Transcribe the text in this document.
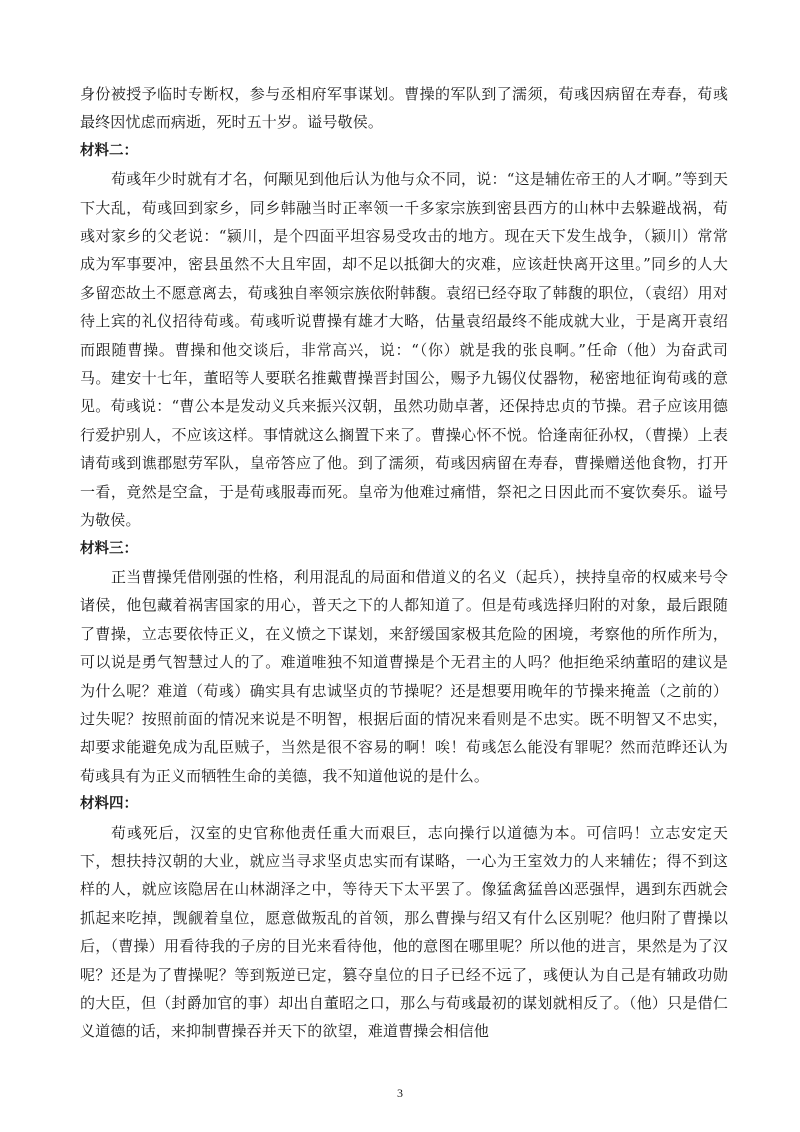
身份被授予临时专断权，参与丞相府军事谋划。曹操的军队到了濡须，荀彧因病留在寿春，荀彧最终因忧虑而病逝，死时五十岁。谥号敬侯。

材料二：

荀彧年少时就有才名，何颙见到他后认为他与众不同，说：“这是辅佐帝王的人才啊。”等到天下大乱，荀彧回到家乡，同乡韩融当时正率领一千多家宗族到密县西方的山林中去躲避战祸，荀彧对家乡的父老说：“颍川，是个四面平坦容易受攻击的地方。现在天下发生战争，（颍川）常常成为军事要冲，密县虽然不大且牢固，却不足以抵御大的灾难，应该赶快离开这里。”同乡的人大多留恋故土不愿意离去，荀彧独自率领宗族依附韩馥。袁绍已经夺取了韩馥的职位，（袁绍）用对待上宾的礼仪招待荀彧。荀彧听说曹操有雄才大略，估量袁绍最终不能成就大业，于是离开袁绍而跟随曹操。曹操和他交谈后，非常高兴，说：“（你）就是我的张良啊。”任命（他）为奋武司马。建安十七年，董昭等人要联名推戴曹操晋封国公，赐予九锡仪仗器物，秘密地征询荀彧的意见。荀彧说：“曹公本是发动义兵来振兴汉朝，虽然功勋卓著，还保持忠贞的节操。君子应该用德行爱护别人，不应该这样。事情就这么搁置下来了。曹操心怀不悦。恰逢南征孙权，（曹操）上表请荀彧到谯郡慰劳军队，皇帝答应了他。到了濡须，荀彧因病留在寿春，曹操赠送他食物，打开一看，竟然是空盒，于是荀彧服毒而死。皇帝为他难过痛惜，祭祀之日因此而不宴饮奏乐。谥号为敬侯。

材料三：

正当曹操凭借刚强的性格，利用混乱的局面和借道义的名义（起兵），挟持皇帝的权威来号令诸侯，他包藏着祸害国家的用心，普天之下的人都知道了。但是荀彧选择归附的对象，最后跟随了曹操，立志要依恃正义，在义愤之下谋划，来舒缓国家极其危险的困境，考察他的所作所为，可以说是勇气智慧过人的了。难道唯独不知道曹操是个无君主的人吗？他拒绝采纳董昭的建议是为什么呢？难道（荀彧）确实具有忠诚坚贞的节操呢？还是想要用晚年的节操来掩盖（之前的）过失呢？按照前面的情况来说是不明智，根据后面的情况来看则是不忠实。既不明智又不忠实，却要求能避免成为乱臣贼子，当然是很不容易的啊！唉！荀彧怎么能没有罪呢？然而范晔还认为荀彧具有为正义而牺牲生命的美德，我不知道他说的是什么。

材料四：

荀彧死后，汉室的史官称他责任重大而艰巨，志向操行以道德为本。可信吗！立志安定天下，想扶持汉朝的大业，就应当寻求坚贞忠实而有谋略，一心为王室效力的人来辅佐；得不到这样的人，就应该隐居在山林湖泽之中，等待天下太平罢了。像猛禽猛兽凶恶强悍，遇到东西就会抓起来吃掉，觊觎着皇位，愿意做叛乱的首领，那么曹操与绍又有什么区别呢？他归附了曹操以后，（曹操）用看待我的子房的目光来看待他，他的意图在哪里呢？所以他的进言，果然是为了汉呢？还是为了曹操呢？等到叛逆已定，篡夺皇位的日子已经不远了，彧便认为自己是有辅政功勋的大臣，但（封爵加官的事）却出自董昭之口，那么与荀彧最初的谋划就相反了。（他）只是借仁义道德的话，来抑制曹操吞并天下的欲望，难道曹操会相信他

3
